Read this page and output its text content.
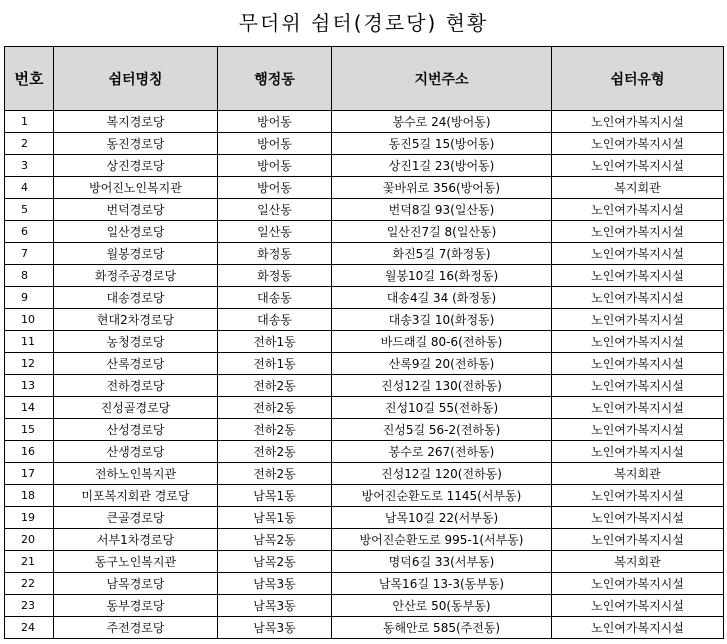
무더위 쉼터(경로당) 현황
번호	쉼터명칭	행정동	지번주소	쉼터유형
1	복지경로당	방어동	봉수로 24(방어동)	노인여가복지시설
2	동진경로당	방어동	동진5길 15(방어동)	노인여가복지시설
3	상진경로당	방어동	상진1길 23(방어동)	노인여가복지시설
4	방어진노인복지관	방어동	꽃바위로 356(방어동)	복지회관
5	번덕경로당	일산동	번덕8길 93(일산동)	노인여가복지시설
6	일산경로당	일산동	일산진7길 8(일산동)	노인여가복지시설
7	월봉경로당	화정동	화진5길 7(화정동)	노인여가복지시설
8	화정주공경로당	화정동	월봉10길 16(화정동)	노인여가복지시설
9	대송경로당	대송동	대송4길 34 (화정동)	노인여가복지시설
10	현대2차경로당	대송동	대송3길 10(화정동)	노인여가복지시설
11	농청경로당	전하1동	바드래길 80-6(전하동)	노인여가복지시설
12	산록경로당	전하1동	산록9길 20(전하동)	노인여가복지시설
13	전하경로당	전하2동	진성12길 130(전하동)	노인여가복지시설
14	진성골경로당	전하2동	진성10길 55(전하동)	노인여가복지시설
15	산성경로당	전하2동	진성5길 56-2(전하동)	노인여가복지시설
16	산생경로당	전하2동	봉수로 267(전하동)	노인여가복지시설
17	전하노인복지관	전하2동	진성12길 120(전하동)	복지회관
18	미포복지회관 경로당	남목1동	방어진순환도로 1145(서부동)	노인여가복지시설
19	큰골경로당	남목1동	남목10길 22(서부동)	노인여가복지시설
20	서부1차경로당	남목2동	방어진순환도로 995-1(서부동)	노인여가복지시설
21	동구노인복지관	남목2동	명덕6길 33(서부동)	복지회관
22	남목경로당	남목3동	남목16길 13-3(동부동)	노인여가복지시설
23	동부경로당	남목3동	안산로 50(동부동)	노인여가복지시설
24	주전경로당	남목3동	동해안로 585(주전동)	노인여가복지시설
